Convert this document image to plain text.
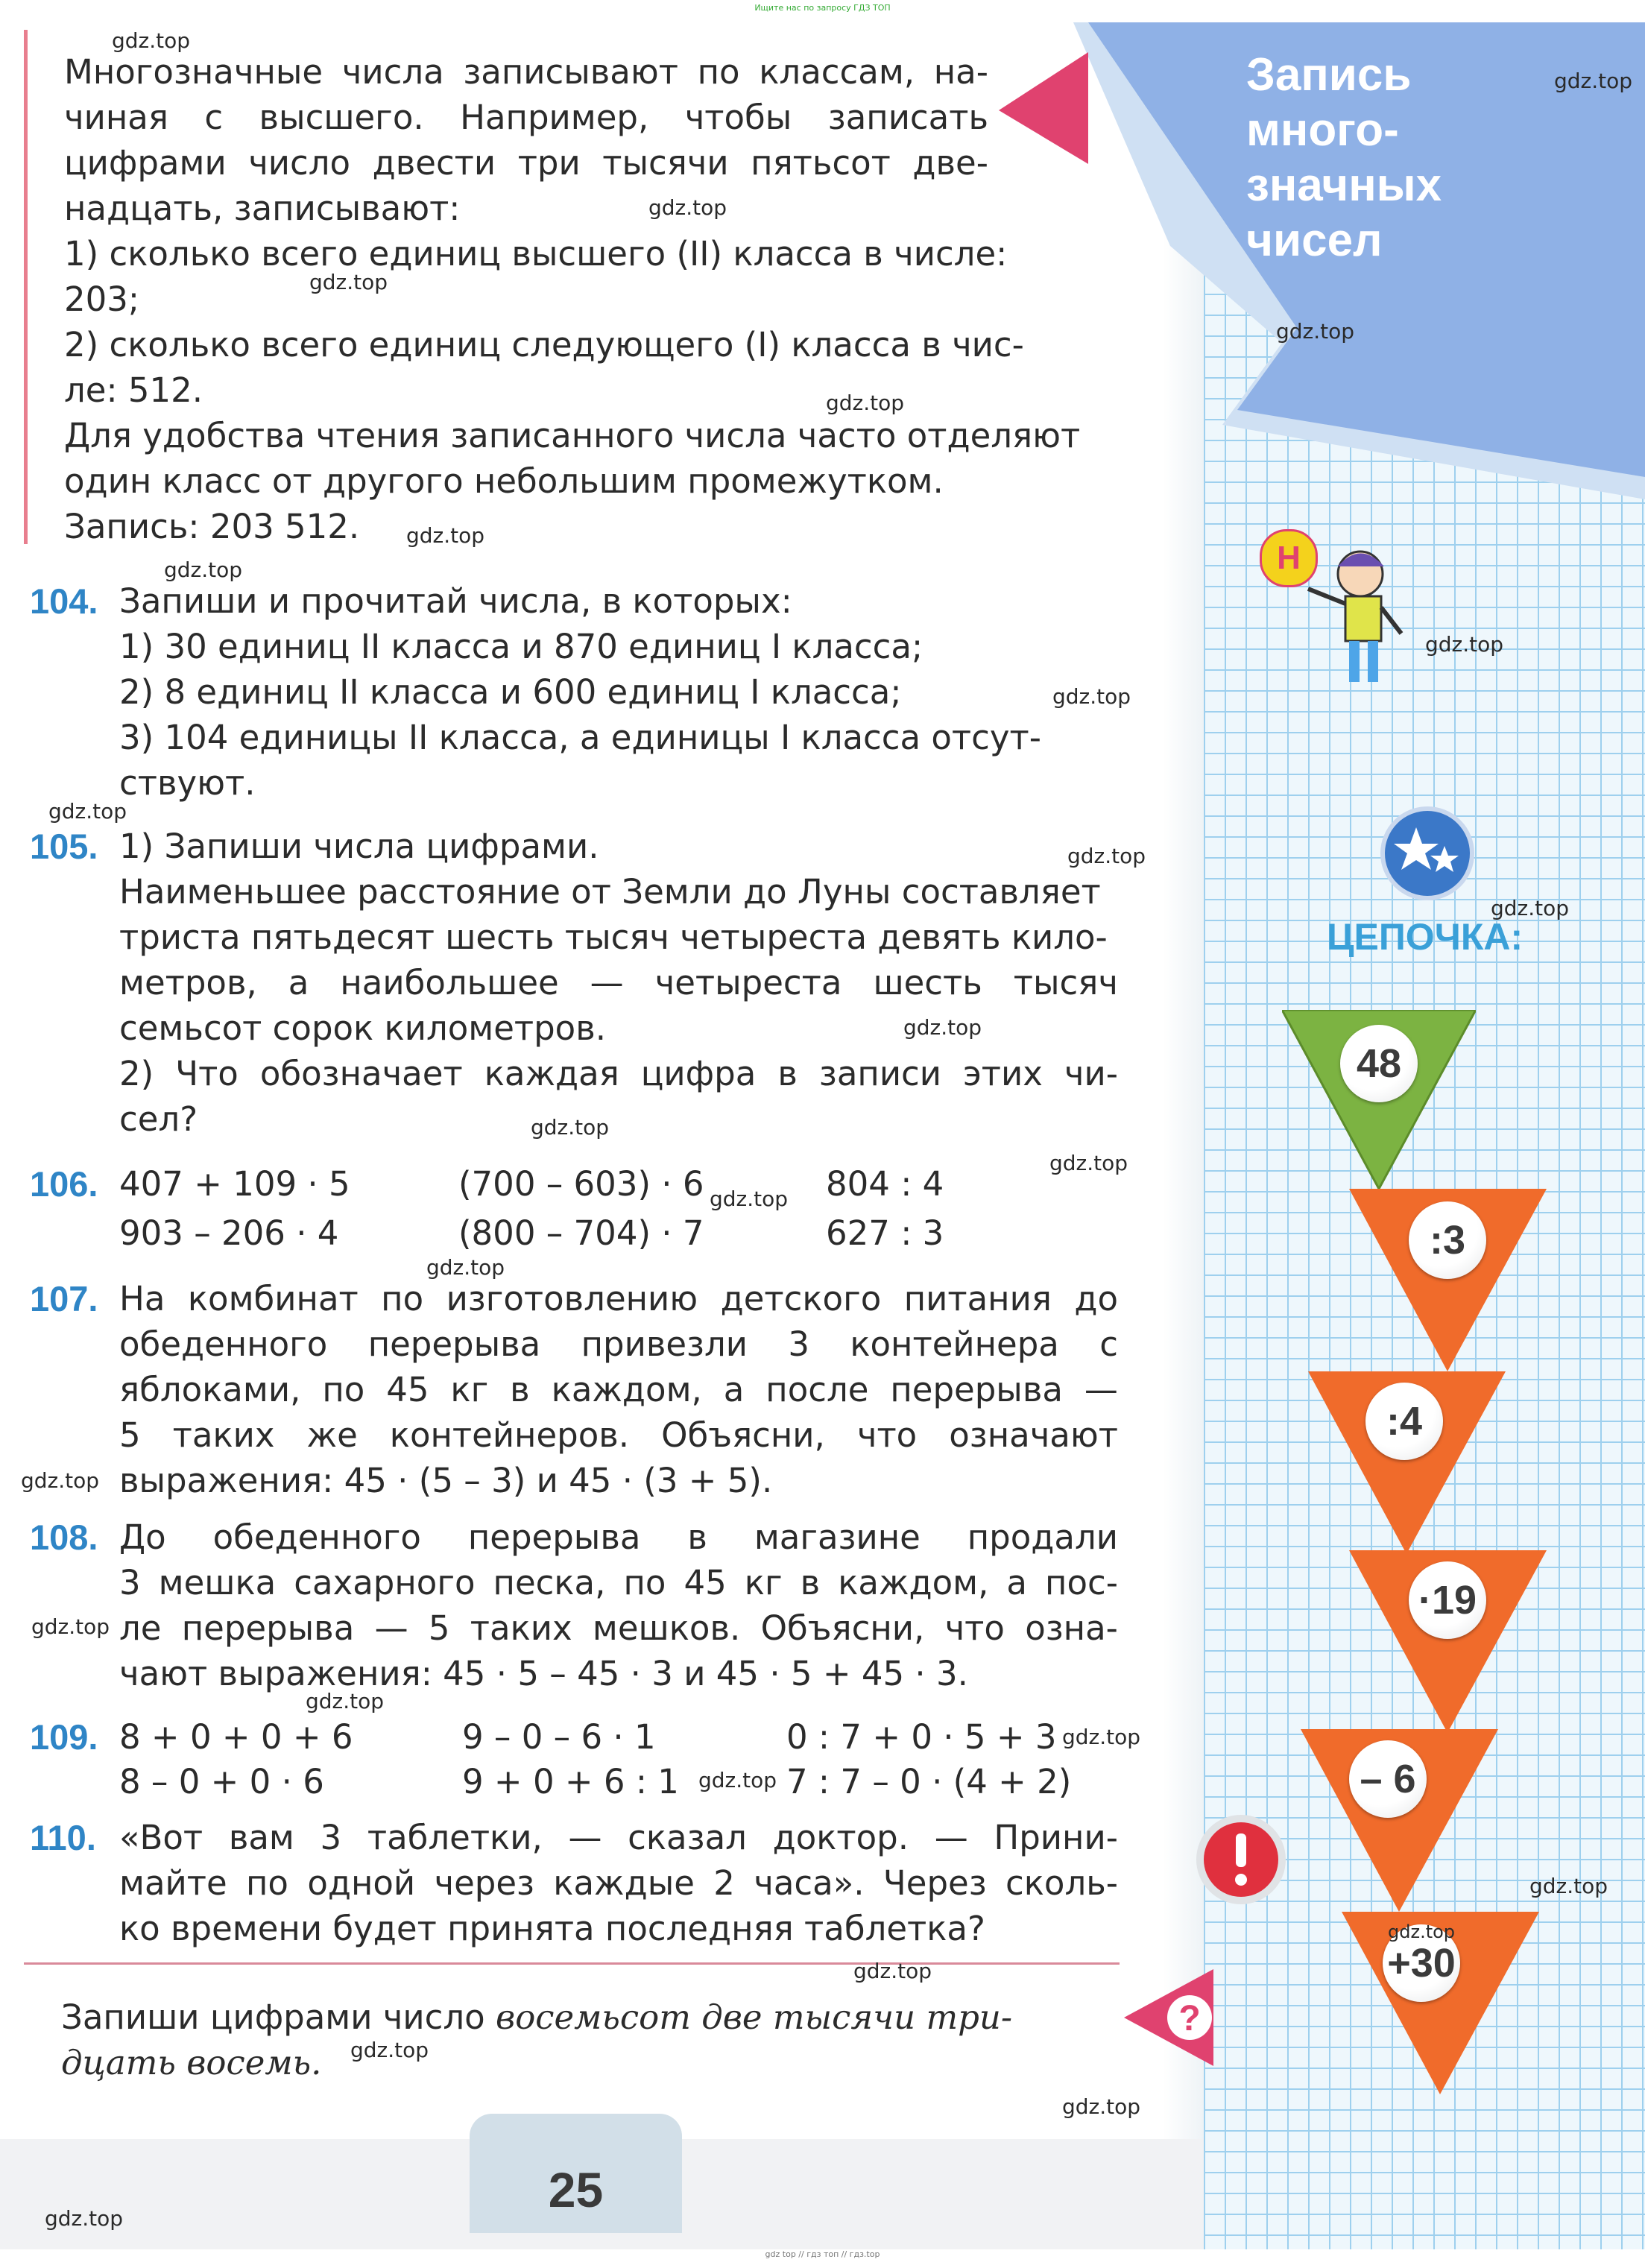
Ищите нас по запросу ГДЗ ТОП
Запись
много-
значных
чисел
Н
ЦЕПОЧКА:
48
:3
:4
·19
– 6
+30
?
Многозначные числа записывают по классам, на-
чиная с высшего. Например, чтобы записать
цифрами число двести три тысячи пятьсот две-
надцать, записывают:
1) сколько всего единиц высшего (II) класса в числе:
203;
2) сколько всего единиц следующего (I) класса в чис-
ле: 512.
Для удобства чтения записанного числа часто отделяют
один класс от другого небольшим промежутком.
Запись: 203 512.
104. Запиши и прочитай числа, в которых:
1) 30 единиц II класса и 870 единиц I класса;
2) 8 единиц II класса и 600 единиц I класса;
3) 104 единицы II класса, а единицы I класса отсут-
ствуют.
105. 1) Запиши числа цифрами.
Наименьшее расстояние от Земли до Луны составляет
триста пятьдесят шесть тысяч четыреста девять кило-
метров, а наибольшее — четыреста шесть тысяч
семьсот сорок километров.
2) Что обозначает каждая цифра в записи этих чи-
сел?
106. 407 + 109 · 5	(700 – 603) · 6	804 : 4
903 – 206 · 4	(800 – 704) · 7	627 : 3
107. На комбинат по изготовлению детского питания до
обеденного перерыва привезли 3 контейнера с
яблоками, по 45 кг в каждом, а после перерыва —
5 таких же контейнеров. Объясни, что означают
выражения: 45 · (5 – 3) и 45 · (3 + 5).
108. До обеденного перерыва в магазине продали
3 мешка сахарного песка, по 45 кг в каждом, а пос-
ле перерыва — 5 таких мешков. Объясни, что озна-
чают выражения: 45 · 5 – 45 · 3 и 45 · 5 + 45 · 3.
109. 8 + 0 + 0 + 6	9 – 0 – 6 · 1	0 : 7 + 0 · 5 + 3
8 – 0 + 0 · 6	9 + 0 + 6 : 1	7 : 7 – 0 · (4 + 2)
110. «Вот вам 3 таблетки, — сказал доктор. — Прини-
майте по одной через каждые 2 часа». Через сколь-
ко времени будет принята последняя таблетка?
Запиши цифрами число восемьсот две тысячи три-
дцать восемь.
25
gdz top // гдз топ // гдз.top
gdz.top
gdz.top
gdz.top
gdz.top
gdz.top
gdz.top
gdz.top
gdz.top
gdz.top
gdz.top
gdz.top
gdz.top
gdz.top
gdz.top
gdz.top
gdz.top
gdz.top
gdz.top
gdz.top
gdz.top
gdz.top
gdz.top
gdz.top
gdz.top
gdz.top
gdz.top
gdz.top
gdz.top
gdz.top
